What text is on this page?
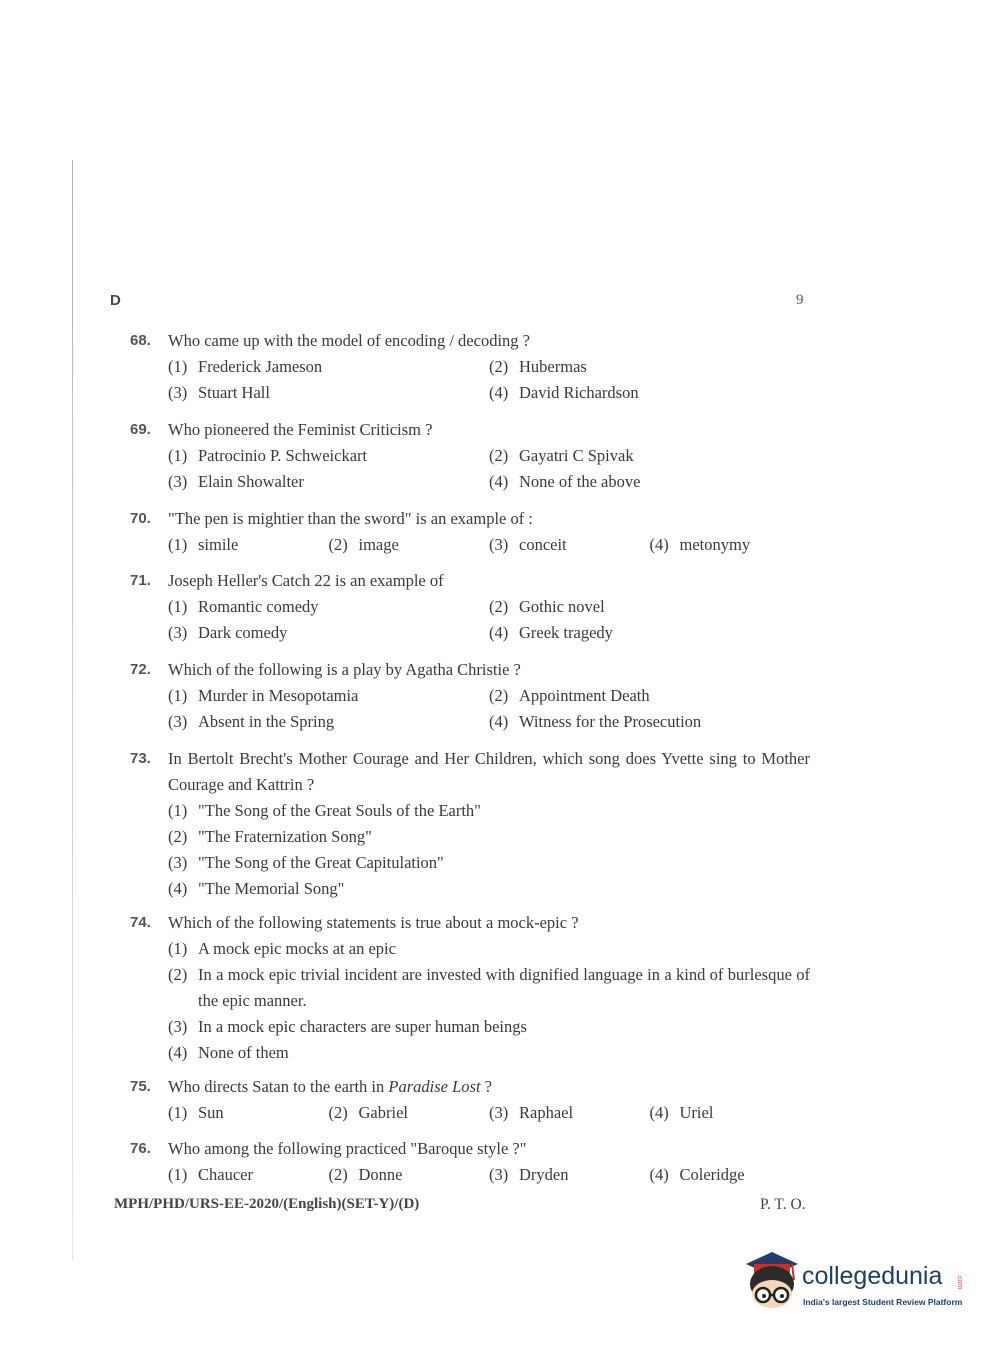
D	9
68.	Who came up with the model of encoding / decoding ?
(1) Frederick Jameson	(2) Hubermas
(3) Stuart Hall	(4) David Richardson
69.	Who pioneered the Feminist Criticism ?
(1) Patrocinio P. Schweickart	(2) Gayatri C Spivak
(3) Elain Showalter	(4) None of the above
70.	"The pen is mightier than the sword" is an example of :
(1) simile	(2) image	(3) conceit	(4) metonymy
71.	Joseph Heller's Catch 22 is an example of
(1) Romantic comedy	(2) Gothic novel
(3) Dark comedy	(4) Greek tragedy
72.	Which of the following is a play by Agatha Christie ?
(1) Murder in Mesopotamia	(2) Appointment Death
(3) Absent in the Spring	(4) Witness for the Prosecution
73.	In Bertolt Brecht's Mother Courage and Her Children, which song does Yvette sing to Mother Courage and Kattrin ?
(1) "The Song of the Great Souls of the Earth"
(2) "The Fraternization Song"
(3) "The Song of the Great Capitulation"
(4) "The Memorial Song"
74.	Which of the following statements is true about a mock-epic ?
(1) A mock epic mocks at an epic
(2) In a mock epic trivial incident are invested with dignified language in a kind of burlesque of the epic manner.
(3) In a mock epic characters are super human beings
(4) None of them
75.	Who directs Satan to the earth in Paradise Lost ?
(1) Sun	(2) Gabriel	(3) Raphael	(4) Uriel
76.	Who among the following practiced "Baroque style ?"
(1) Chaucer	(2) Donne	(3) Dryden	(4) Coleridge
MPH/PHD/URS-EE-2020/(English)(SET-Y)/(D)	P. T. O.
collegedunia .com
India's largest Student Review Platform
